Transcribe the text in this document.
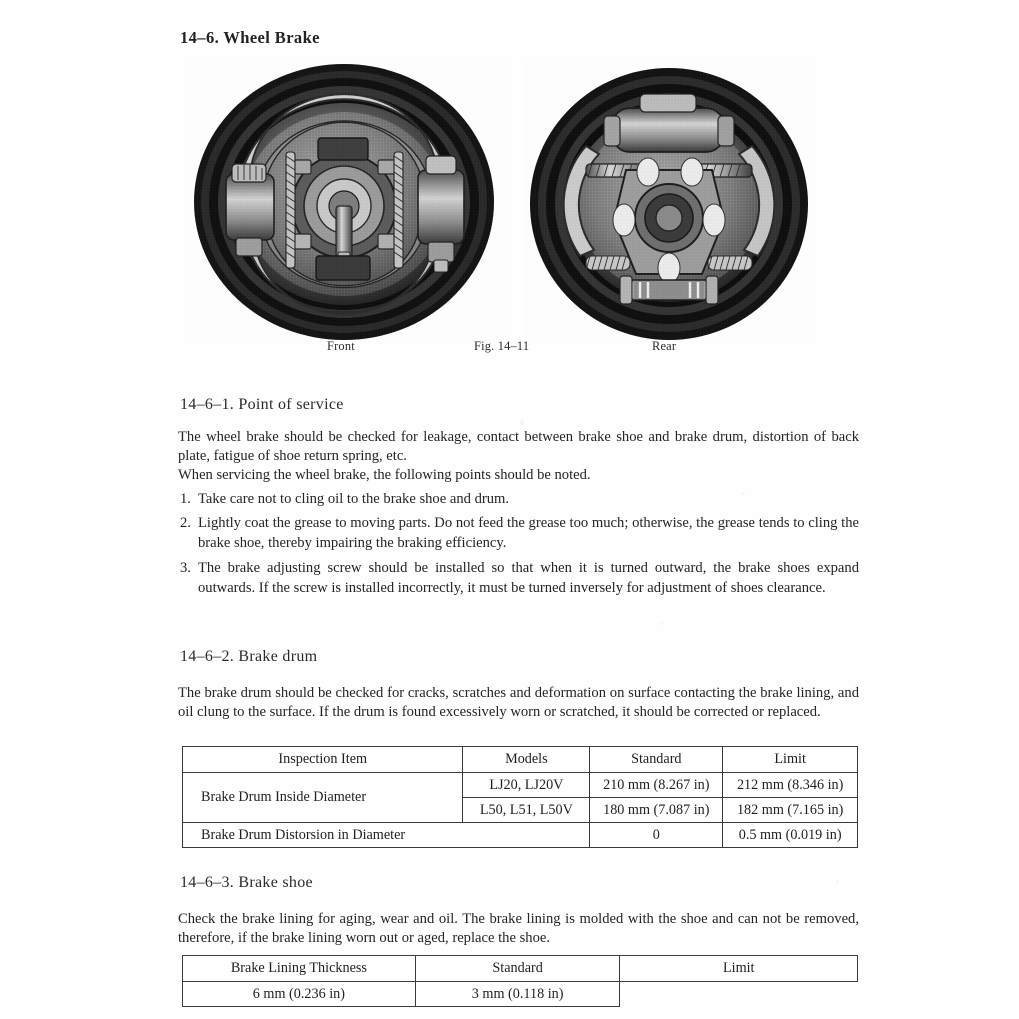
14–6. Wheel Brake
Front	Fig. 14–11	Rear
14–6–1. Point of service
The wheel brake should be checked for leakage, contact between brake shoe and brake drum, distortion of back plate, fatigue of shoe return spring, etc.
When servicing the wheel brake, the following points should be noted.
1. Take care not to cling oil to the brake shoe and drum.
2. Lightly coat the grease to moving parts. Do not feed the grease too much; otherwise, the grease tends to cling the brake shoe, thereby impairing the braking efficiency.
3. The brake adjusting screw should be installed so that when it is turned outward, the brake shoes expand outwards. If the screw is installed incorrectly, it must be turned inversely for adjustment of shoes clearance.
14–6–2. Brake drum
The brake drum should be checked for cracks, scratches and deformation on surface contacting the brake lining, and oil clung to the surface. If the drum is found excessively worn or scratched, it should be corrected or replaced.
Inspection Item	Models	Standard	Limit
Brake Drum Inside Diameter	LJ20, LJ20V	210 mm (8.267 in)	212 mm (8.346 in)
	L50, L51, L50V	180 mm (7.087 in)	182 mm (7.165 in)
Brake Drum Distorsion in Diameter		0	0.5 mm (0.019 in)
14–6–3. Brake shoe
Check the brake lining for aging, wear and oil. The brake lining is molded with the shoe and can not be removed, therefore, if the brake lining worn out or aged, replace the shoe.
Brake Lining Thickness	Standard	Limit
6 mm (0.236 in)	3 mm (0.118 in)	
